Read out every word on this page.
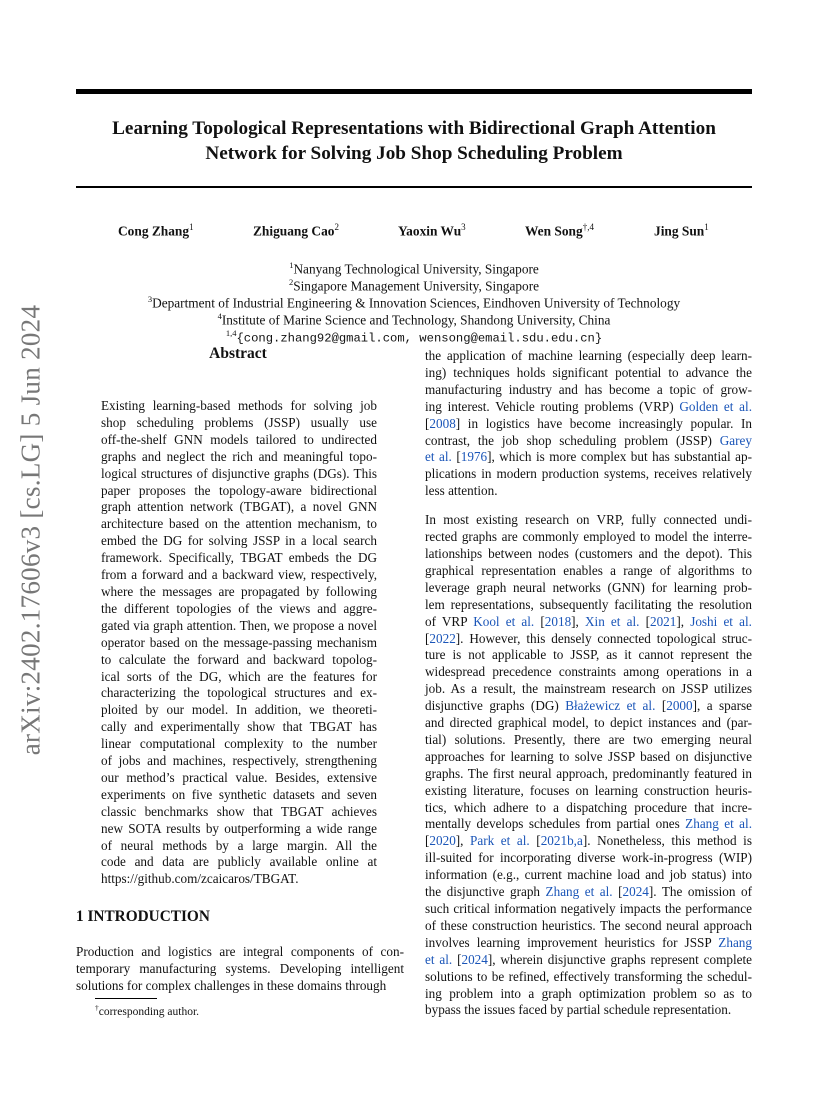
arXiv:2402.17606v3 [cs.LG] 5 Jun 2024
Learning Topological Representations with Bidirectional Graph Attention
Network for Solving Job Shop Scheduling Problem
Cong Zhang$^1$	Zhiguang Cao$^2$	Yaoxin Wu$^3$	Wen Song$^{\dagger,4}$	Jing Sun$^1$
$^1$Nanyang Technological University, Singapore
$^2$Singapore Management University, Singapore
$^3$Department of Industrial Engineering & Innovation Sciences, Eindhoven University of Technology
$^4$Institute of Marine Science and Technology, Shandong University, China
$^{1,4}${cong.zhang92@gmail.com, wensong@email.sdu.edu.cn}
Abstract
Existing learning-based methods for solving job
shop scheduling problems (JSSP) usually use
off-the-shelf GNN models tailored to undirected
graphs and neglect the rich and meaningful topo-
logical structures of disjunctive graphs (DGs). This
paper proposes the topology-aware bidirectional
graph attention network (TBGAT), a novel GNN
architecture based on the attention mechanism, to
embed the DG for solving JSSP in a local search
framework. Specifically, TBGAT embeds the DG
from a forward and a backward view, respectively,
where the messages are propagated by following
the different topologies of the views and aggre-
gated via graph attention. Then, we propose a novel
operator based on the message-passing mechanism
to calculate the forward and backward topolog-
ical sorts of the DG, which are the features for
characterizing the topological structures and ex-
ploited by our model. In addition, we theoreti-
cally and experimentally show that TBGAT has
linear computational complexity to the number
of jobs and machines, respectively, strengthening
our method’s practical value. Besides, extensive
experiments on five synthetic datasets and seven
classic benchmarks show that TBGAT achieves
new SOTA results by outperforming a wide range
of neural methods by a large margin. All the
code and data are publicly available online at
https://github.com/zcaicaros/TBGAT.
1 INTRODUCTION
Production and logistics are integral components of con-
temporary manufacturing systems. Developing intelligent
solutions for complex challenges in these domains through
†corresponding author.

the application of machine learning (especially deep learn-
ing) techniques holds significant potential to advance the
manufacturing industry and has become a topic of grow-
ing interest. Vehicle routing problems (VRP) Golden et al.
[2008] in logistics have become increasingly popular. In
contrast, the job shop scheduling problem (JSSP) Garey
et al. [1976], which is more complex but has substantial ap-
plications in modern production systems, receives relatively
less attention.

In most existing research on VRP, fully connected undi-
rected graphs are commonly employed to model the interre-
lationships between nodes (customers and the depot). This
graphical representation enables a range of algorithms to
leverage graph neural networks (GNN) for learning prob-
lem representations, subsequently facilitating the resolution
of VRP Kool et al. [2018], Xin et al. [2021], Joshi et al.
[2022]. However, this densely connected topological struc-
ture is not applicable to JSSP, as it cannot represent the
widespread precedence constraints among operations in a
job. As a result, the mainstream research on JSSP utilizes
disjunctive graphs (DG) Błażewicz et al. [2000], a sparse
and directed graphical model, to depict instances and (par-
tial) solutions. Presently, there are two emerging neural
approaches for learning to solve JSSP based on disjunctive
graphs. The first neural approach, predominantly featured in
existing literature, focuses on learning construction heuris-
tics, which adhere to a dispatching procedure that incre-
mentally develops schedules from partial ones Zhang et al.
[2020], Park et al. [2021b,a]. Nonetheless, this method is
ill-suited for incorporating diverse work-in-progress (WIP)
information (e.g., current machine load and job status) into
the disjunctive graph Zhang et al. [2024]. The omission of
such critical information negatively impacts the performance
of these construction heuristics. The second neural approach
involves learning improvement heuristics for JSSP Zhang
et al. [2024], wherein disjunctive graphs represent complete
solutions to be refined, effectively transforming the schedul-
ing problem into a graph optimization problem so as to
bypass the issues faced by partial schedule representation.
